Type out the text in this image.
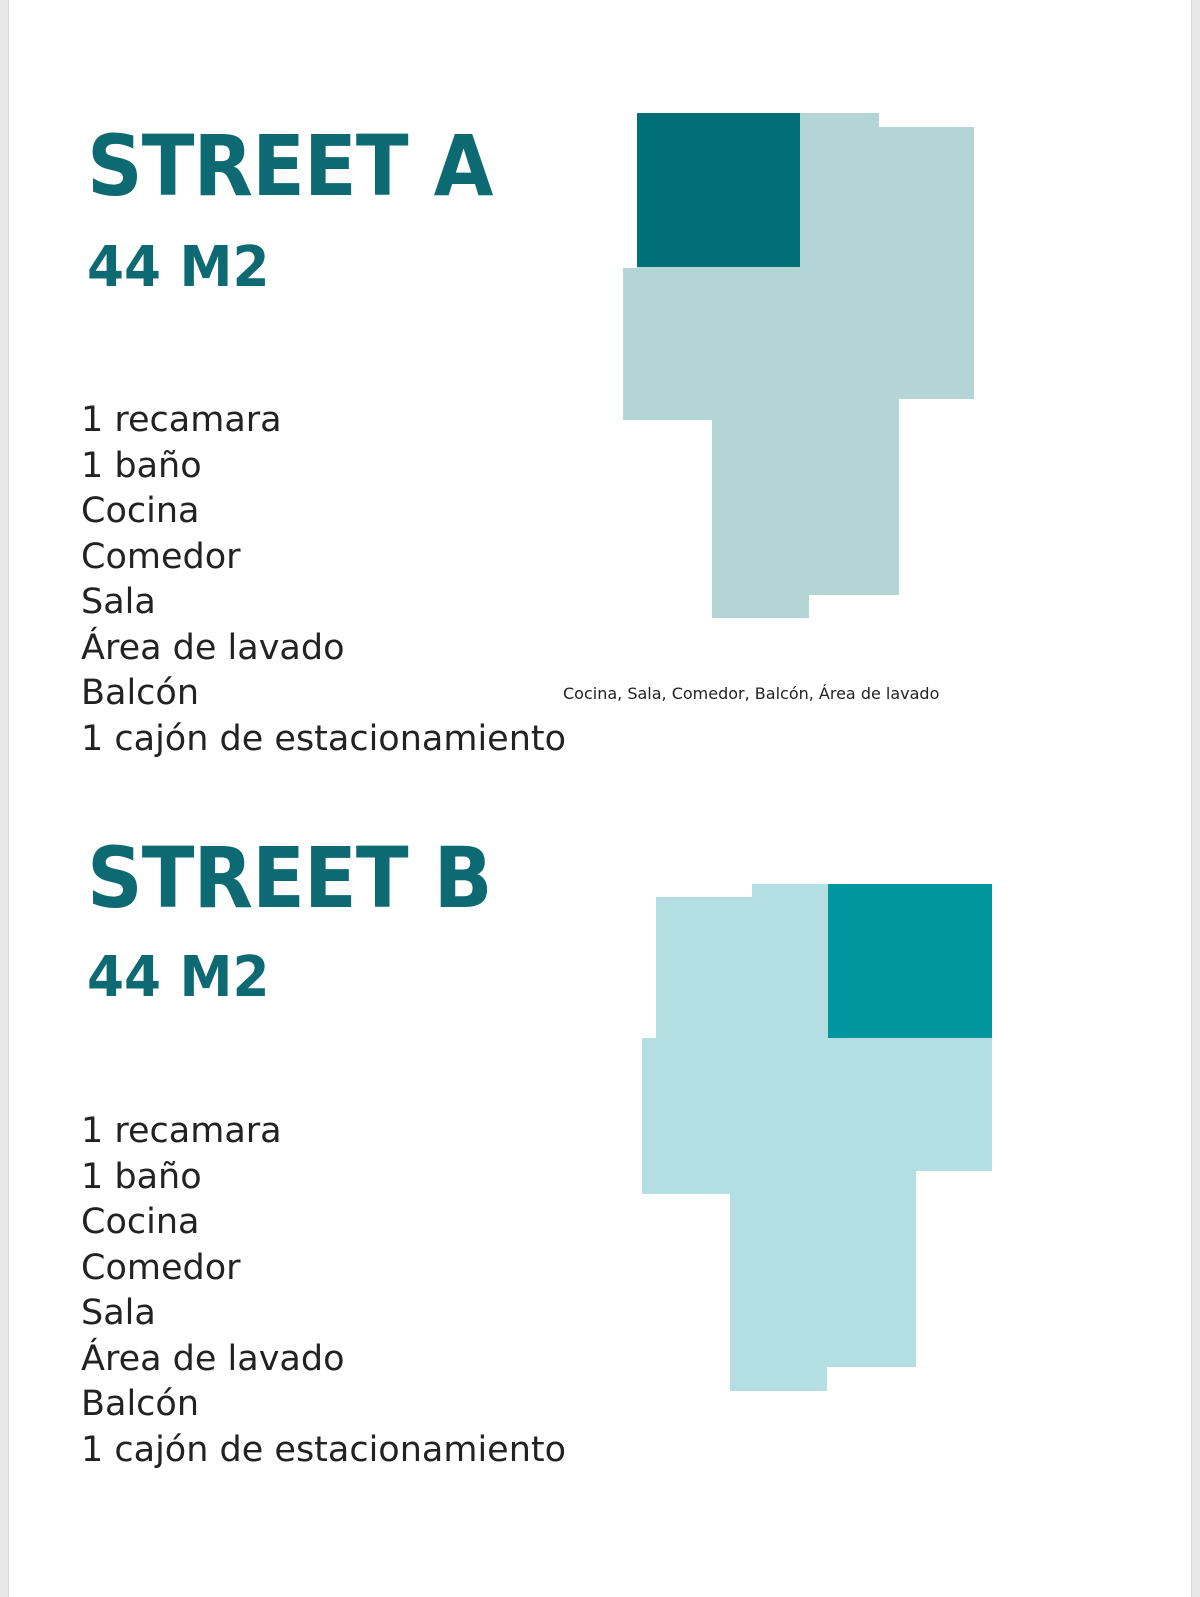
STREET A
44 M2
1 recamara
1 baño
Cocina
Comedor
Sala
Área de lavado
Balcón
1 cajón de estacionamiento
Cocina, Sala, Comedor, Balcón, Área de lavado
STREET B
44 M2
1 recamara
1 baño
Cocina
Comedor
Sala
Área de lavado
Balcón
1 cajón de estacionamiento
